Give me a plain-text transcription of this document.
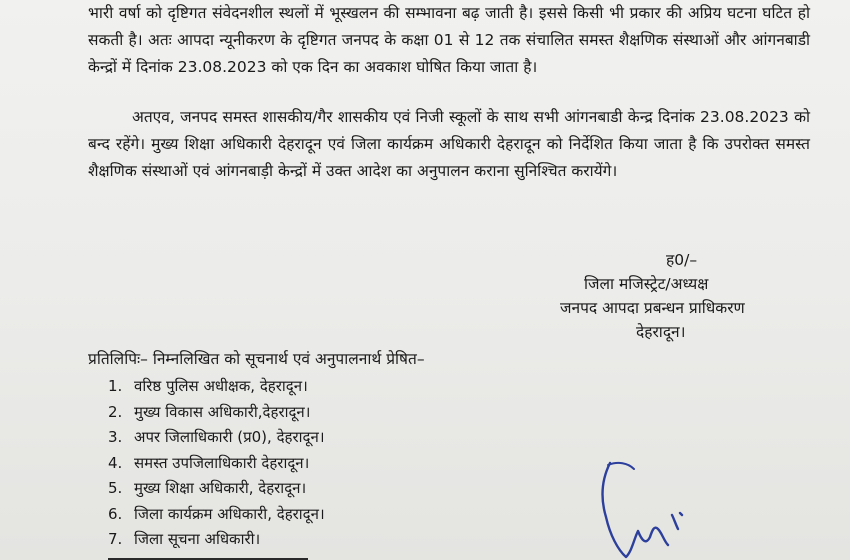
भारी वर्षा को दृष्टिगत संवेदनशील स्थलों में भूस्खलन की सम्भावना बढ़ जाती है। इससे किसी भी प्रकार की अप्रिय घटना घटित हो सकती है। अतः आपदा न्यूनीकरण के दृष्टिगत जनपद के कक्षा 01 से 12 तक संचालित समस्त शैक्षणिक संस्थाओं और आंगनबाडी केन्द्रों में दिनांक 23.08.2023 को एक दिन का अवकाश घोषित किया जाता है।

अतएव, जनपद समस्त शासकीय/गैर शासकीय एवं निजी स्कूलों के साथ सभी आंगनबाडी केन्द्र दिनांक 23.08.2023 को बन्द रहेंगे। मुख्य शिक्षा अधिकारी देहरादून एवं जिला कार्यक्रम अधिकारी देहरादून को निर्देशित किया जाता है कि उपरोक्त समस्त शैक्षणिक संस्थाओं एवं आंगनबाड़ी केन्द्रों में उक्त आदेश का अनुपालन कराना सुनिश्चित करायेंगे।

ह0/–
जिला मजिस्ट्रेट/अध्यक्ष
जनपद आपदा प्रबन्धन प्राधिकरण
देहरादून।
प्रतिलिपिः– निम्नलिखित को सूचनार्थ एवं अनुपालनार्थ प्रेषित–
1. वरिष्ठ पुलिस अधीक्षक, देहरादून।
2. मुख्य विकास अधिकारी,देहरादून।
3. अपर जिलाधिकारी (प्र0), देहरादून।
4. समस्त उपजिलाधिकारी देहरादून।
5. मुख्य शिक्षा अधिकारी, देहरादून।
6. जिला कार्यक्रम अधिकारी, देहरादून।
7. जिला सूचना अधिकारी।
